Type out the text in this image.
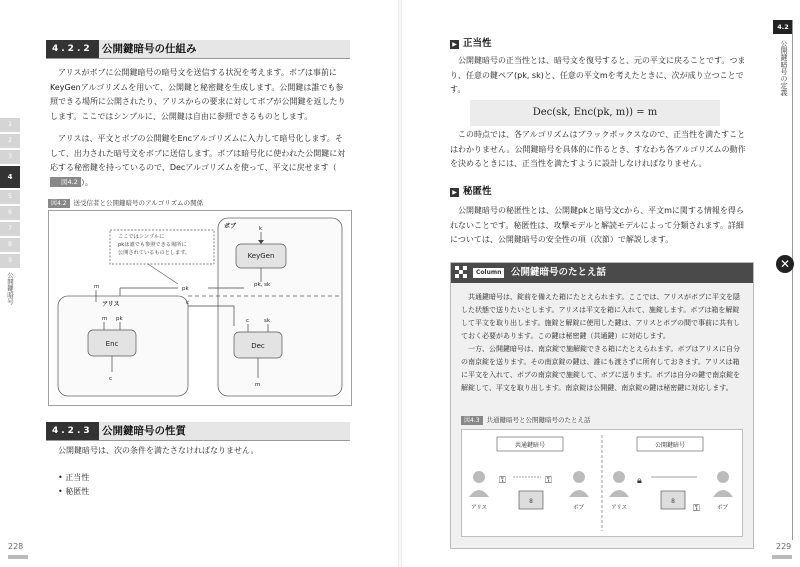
1
2
3
4
5
6
7
8
9
公開鍵暗号
4.2.2 公開鍵暗号の仕組み

アリスがボブに公開鍵暗号の暗号文を送信する状況を考えます。ボブは事前にKeyGenアルゴリズムを用いて、公開鍵と秘密鍵を生成します。公開鍵は誰でも参照できる場所に公開されたり、アリスからの要求に対してボブが公開鍵を返したりします。ここではシンプルに、公開鍵は自由に参照できるものとします。

アリスは、平文とボブの公開鍵をEncアルゴリズムに入力して暗号化します。そして、出力された暗号文をボブに送信します。ボブは暗号化に使われた公開鍵に対応する秘密鍵を持っているので、Decアルゴリズムを使って、平文に戻せます（図4.2 ）。

図4.2 送受信者と公開鍵暗号のアルゴリズムの関係
ここではシンプルに
pkは誰でも参照できる場所に
公開されているものとします。
ボブ	k
KeyGen
pk, sk
pk
アリス
m
m pk
Enc
c
c
c	sk
Dec
m
4.2.3 公開鍵暗号の性質

公開鍵暗号は、次の条件を満たさなければなりません。

• 正当性
• 秘匿性
228
▶ 正当性

公開鍵暗号の正当性とは、暗号文を復号すると、元の平文に戻ることです。つまり、任意の鍵ペア(pk, sk)と、任意の平文mを考えたときに、次が成り立つことです。

Dec(sk, Enc(pk, m)) = m

この時点では、各アルゴリズムはブラックボックスなので、正当性を満たすことはわかりません。公開鍵暗号を具体的に作るとき、すなわち各アルゴリズムの動作を決めるときには、正当性を満たすように設計しなければなりません。

▶ 秘匿性

公開鍵暗号の秘匿性とは、公開鍵pkと暗号文cから、平文mに関する情報を得られないことです。秘匿性は、攻撃モデルと解読モデルによって分類されます。詳細については、公開鍵暗号の安全性の項（次節）で解説します。

Column	公開鍵暗号のたとえ話

共通鍵暗号は、錠前を備えた箱にたとえられます。ここでは、アリスがボブに平文を隠した状態で送りたいとします。アリスは平文を箱に入れて、施錠します。ボブは箱を解錠して平文を取り出します。施錠と解錠に使用した鍵は、アリスとボブの間で事前に共有しておく必要があります。この鍵は秘密鍵（共通鍵）に対応します。

一方、公開鍵暗号は、南京錠で施解錠できる箱にたとえられます。ボブはアリスに自分の南京錠を送ります。その南京錠の鍵は、誰にも渡さずに所有しておきます。アリスは箱に平文を入れて、ボブの南京錠で施錠して、ボブに送ります。ボブは自分の鍵で南京錠を解錠して、平文を取り出します。南京錠は公開鍵、南京錠の鍵は秘密鍵に対応します。

図4.3 共通鍵暗号と公開鍵暗号のたとえ話
共通鍵暗号
アリス
⚿	⚿
8
ボブ
公開鍵暗号
アリス
🔒︎
8
⚿	ボブ
4.2
公開鍵暗号の定義
✕
229
